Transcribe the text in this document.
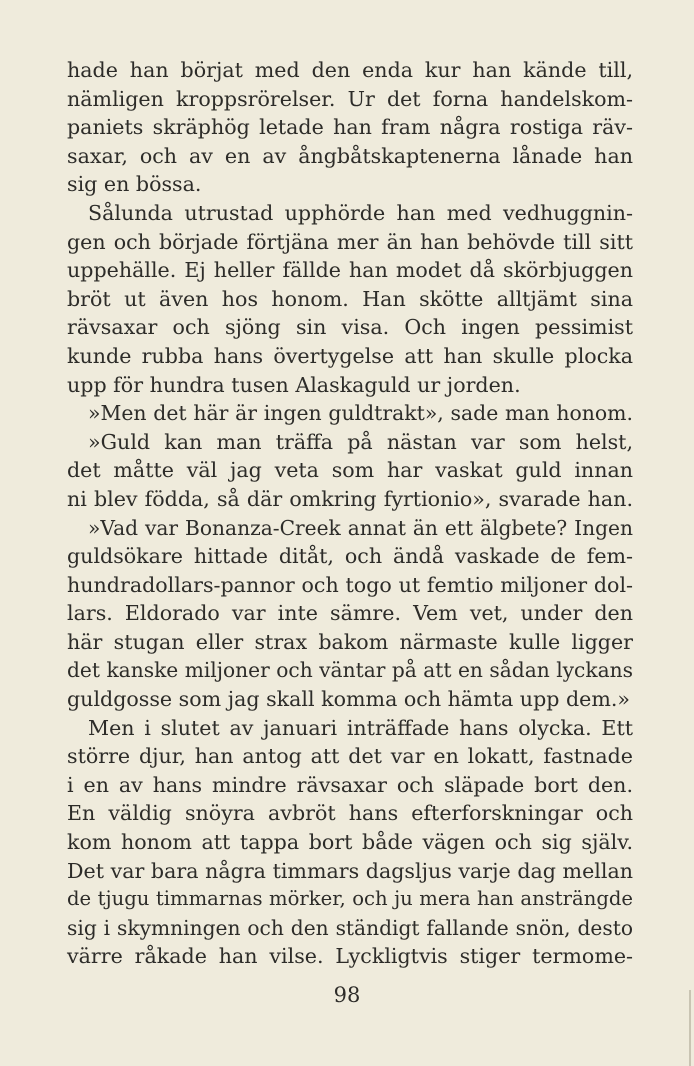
hade han börjat med den enda kur han kände till,
nämligen kroppsrörelser. Ur det forna handelskom-
paniets skräphög letade han fram några rostiga räv-
saxar, och av en av ångbåtskaptenerna lånade han
sig en bössa.
Sålunda utrustad upphörde han med vedhuggnin-
gen och började förtjäna mer än han behövde till sitt
uppehälle. Ej heller fällde han modet då skörbjuggen
bröt ut även hos honom. Han skötte alltjämt sina
rävsaxar och sjöng sin visa. Och ingen pessimist
kunde rubba hans övertygelse att han skulle plocka
upp för hundra tusen Alaskaguld ur jorden.
»Men det här är ingen guldtrakt», sade man honom.
»Guld kan man träffa på nästan var som helst,
det måtte väl jag veta som har vaskat guld innan
ni blev födda, så där omkring fyrtionio», svarade han.
»Vad var Bonanza-Creek annat än ett älgbete? Ingen
guldsökare hittade ditåt, och ändå vaskade de fem-
hundradollars-pannor och togo ut femtio miljoner dol-
lars. Eldorado var inte sämre. Vem vet, under den
här stugan eller strax bakom närmaste kulle ligger
det kanske miljoner och väntar på att en sådan lyckans
guldgosse som jag skall komma och hämta upp dem.»
Men i slutet av januari inträffade hans olycka. Ett
större djur, han antog att det var en lokatt, fastnade
i en av hans mindre rävsaxar och släpade bort den.
En väldig snöyra avbröt hans efterforskningar och
kom honom att tappa bort både vägen och sig själv.
Det var bara några timmars dagsljus varje dag mellan
de tjugu timmarnas mörker, och ju mera han ansträngde
sig i skymningen och den ständigt fallande snön, desto
värre råkade han vilse. Lyckligtvis stiger termome-
98
